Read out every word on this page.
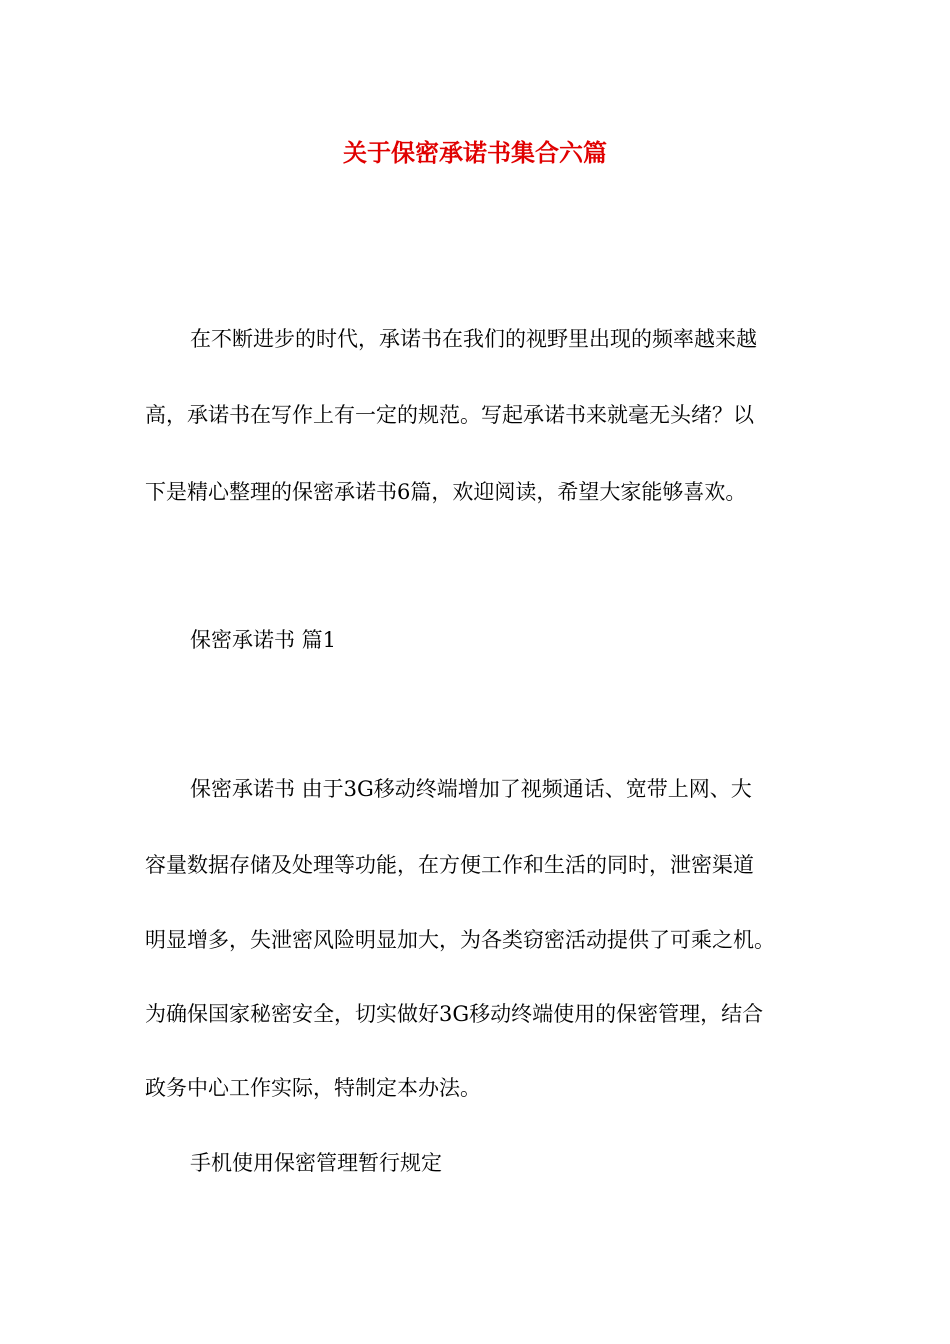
关于保密承诺书集合六篇

在不断进步的时代，承诺书在我们的视野里出现的频率越来越

高，承诺书在写作上有一定的规范。写起承诺书来就毫无头绪？以

下是精心整理的保密承诺书6篇，欢迎阅读，希望大家能够喜欢。

保密承诺书 篇1

保密承诺书 由于3G移动终端增加了视频通话、宽带上网、大

容量数据存储及处理等功能，在方便工作和生活的同时，泄密渠道

明显增多，失泄密风险明显加大，为各类窃密活动提供了可乘之机。

为确保国家秘密安全，切实做好3G移动终端使用的保密管理，结合

政务中心工作实际，特制定本办法。

手机使用保密管理暂行规定
